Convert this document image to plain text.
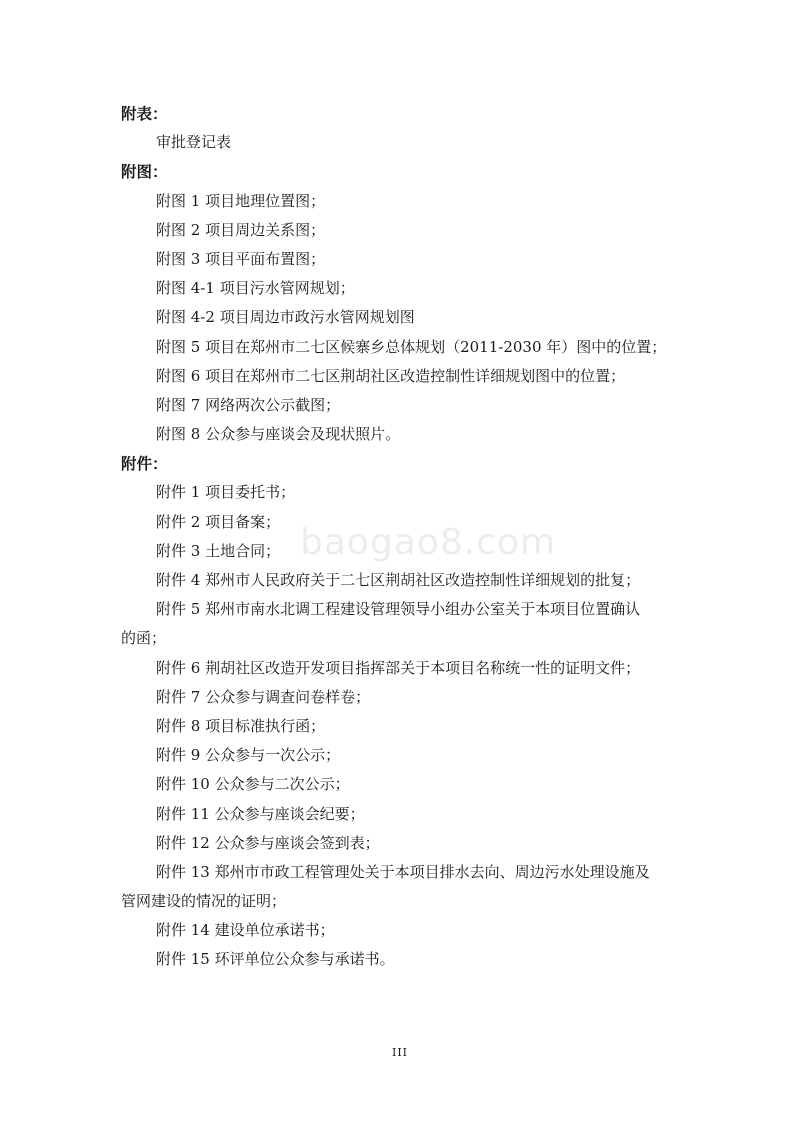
baogao8.com
附表：
审批登记表
附图：
附图 1 项目地理位置图；
附图 2 项目周边关系图；
附图 3 项目平面布置图；
附图 4-1 项目污水管网规划；
附图 4-2 项目周边市政污水管网规划图
附图 5 项目在郑州市二七区候寨乡总体规划（2011-2030 年）图中的位置；
附图 6 项目在郑州市二七区荆胡社区改造控制性详细规划图中的位置；
附图 7 网络两次公示截图；
附图 8 公众参与座谈会及现状照片。
附件：
附件 1 项目委托书；
附件 2 项目备案；
附件 3 土地合同；
附件 4 郑州市人民政府关于二七区荆胡社区改造控制性详细规划的批复；
附件 5 郑州市南水北调工程建设管理领导小组办公室关于本项目位置确认
的函；
附件 6 荆胡社区改造开发项目指挥部关于本项目名称统一性的证明文件；
附件 7 公众参与调查问卷样卷；
附件 8 项目标准执行函；
附件 9 公众参与一次公示；
附件 10 公众参与二次公示；
附件 11 公众参与座谈会纪要；
附件 12 公众参与座谈会签到表；
附件 13 郑州市市政工程管理处关于本项目排水去向、周边污水处理设施及
管网建设的情况的证明；
附件 14 建设单位承诺书；
附件 15 环评单位公众参与承诺书。
III
